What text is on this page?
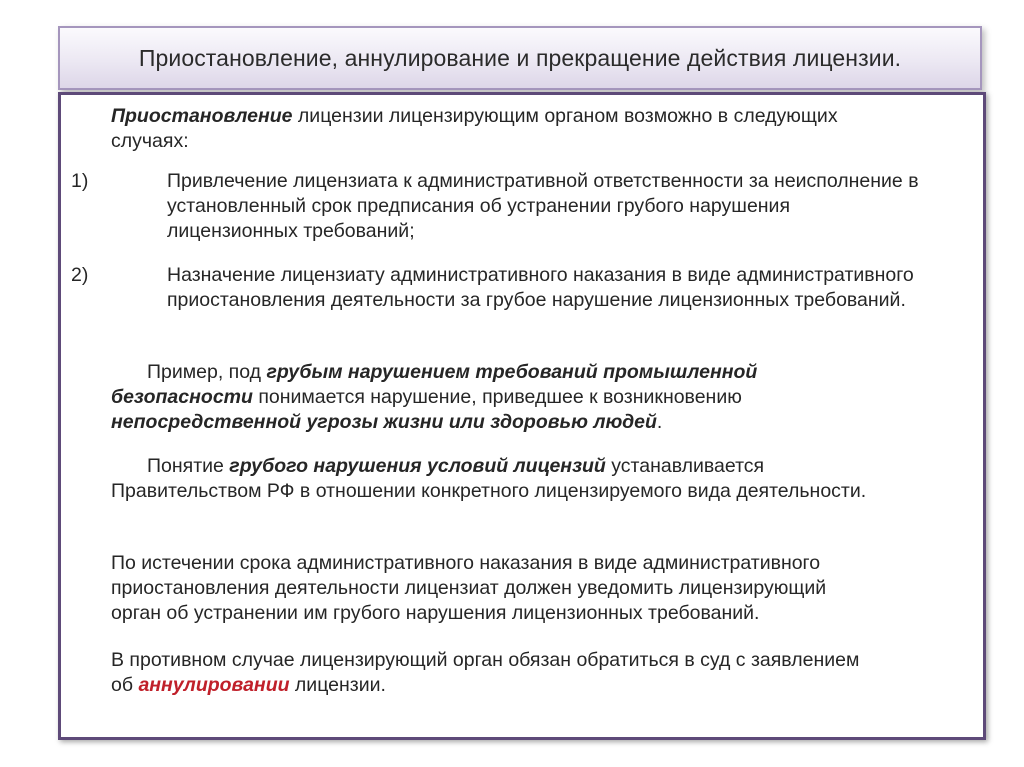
Приостановление, аннулирование и прекращение действия лицензии.
Приостановление лицензии лицензирующим органом возможно в следующих
случаях:
1)	Привлечение лицензиата к административной ответственности за неисполнение в
установленный срок предписания об устранении грубого нарушения
лицензионных требований;
2)	Назначение лицензиату административного наказания в виде административного
приостановления деятельности за грубое нарушение лицензионных требований.
Пример, под грубым нарушением требований промышленной
безопасности понимается нарушение, приведшее к возникновению
непосредственной угрозы жизни или здоровью людей.
Понятие грубого нарушения условий лицензий устанавливается
Правительством РФ в отношении конкретного лицензируемого вида деятельности.
По истечении срока административного наказания в виде административного
приостановления деятельности лицензиат должен уведомить лицензирующий
орган об устранении им грубого нарушения лицензионных требований.
В противном случае лицензирующий орган обязан обратиться в суд с заявлением
об аннулировании лицензии.
